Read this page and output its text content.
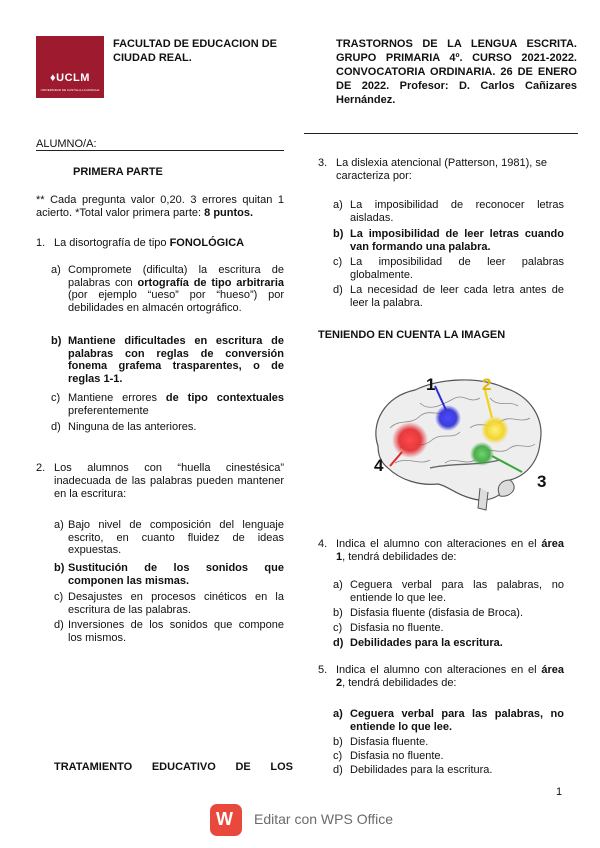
♦UCLM
UNIVERSIDAD DE CASTILLA-LA MANCHA
FACULTAD DE EDUCACION DE CIUDAD REAL.
TRASTORNOS DE LA LENGUA ESCRITA. GRUPO PRIMARIA 4º. CURSO 2021-2022. CONVOCATORIA ORDINARIA. 26 DE ENERO DE 2022. Profesor: D. Carlos Cañizares Hernández.
ALUMNO/A:
PRIMERA PARTE
** Cada pregunta valor 0,20. 3 errores quitan 1 acierto. *Total valor primera parte: 8 puntos.
1. La disortografía de tipo FONOLÓGICA
a) Compromete (dificulta) la escritura de palabras con ortografía de tipo arbitraria (por ejemplo “ueso” por “hueso”) por debilidades en almacén ortográfico.
b) Mantiene dificultades en escritura de palabras con reglas de conversión fonema grafema trasparentes, o de reglas 1-1.
c) Mantiene errores de tipo contextuales preferentemente
d) Ninguna de las anteriores.
2. Los alumnos con “huella cinestésica” inadecuada de las palabras pueden mantener en la escritura:
a) Bajo nivel de composición del lenguaje escrito, en cuanto fluidez de ideas expuestas.
b) Sustitución de los sonidos que componen las mismas.
c) Desajustes en procesos cinéticos en la escritura de las palabras.
d) Inversiones de los sonidos que compone los mismos.
TRATAMIENTO EDUCATIVO DE LOS
3. La dislexia atencional (Patterson, 1981), se caracteriza por:
a) La imposibilidad de reconocer letras aisladas.
b) La imposibilidad de leer letras cuando van formando una palabra.
c) La imposibilidad de leer palabras globalmente.
d) La necesidad de leer cada letra antes de leer la palabra.
TENIENDO EN CUENTA LA IMAGEN
1	2
3
4
4. Indica el alumno con alteraciones en el área 1, tendrá debilidades de:
a) Ceguera verbal para las palabras, no entiende lo que lee.
b) Disfasia fluente (disfasia de Broca).
c) Disfasia no fluente.
d) Debilidades para la escritura.
5. Indica el alumno con alteraciones en el área 2, tendrá debilidades de:
a) Ceguera verbal para las palabras, no entiende lo que lee.
b) Disfasia fluente.
c) Disfasia no fluente.
d) Debilidades para la escritura.
1
W Editar con WPS Office
